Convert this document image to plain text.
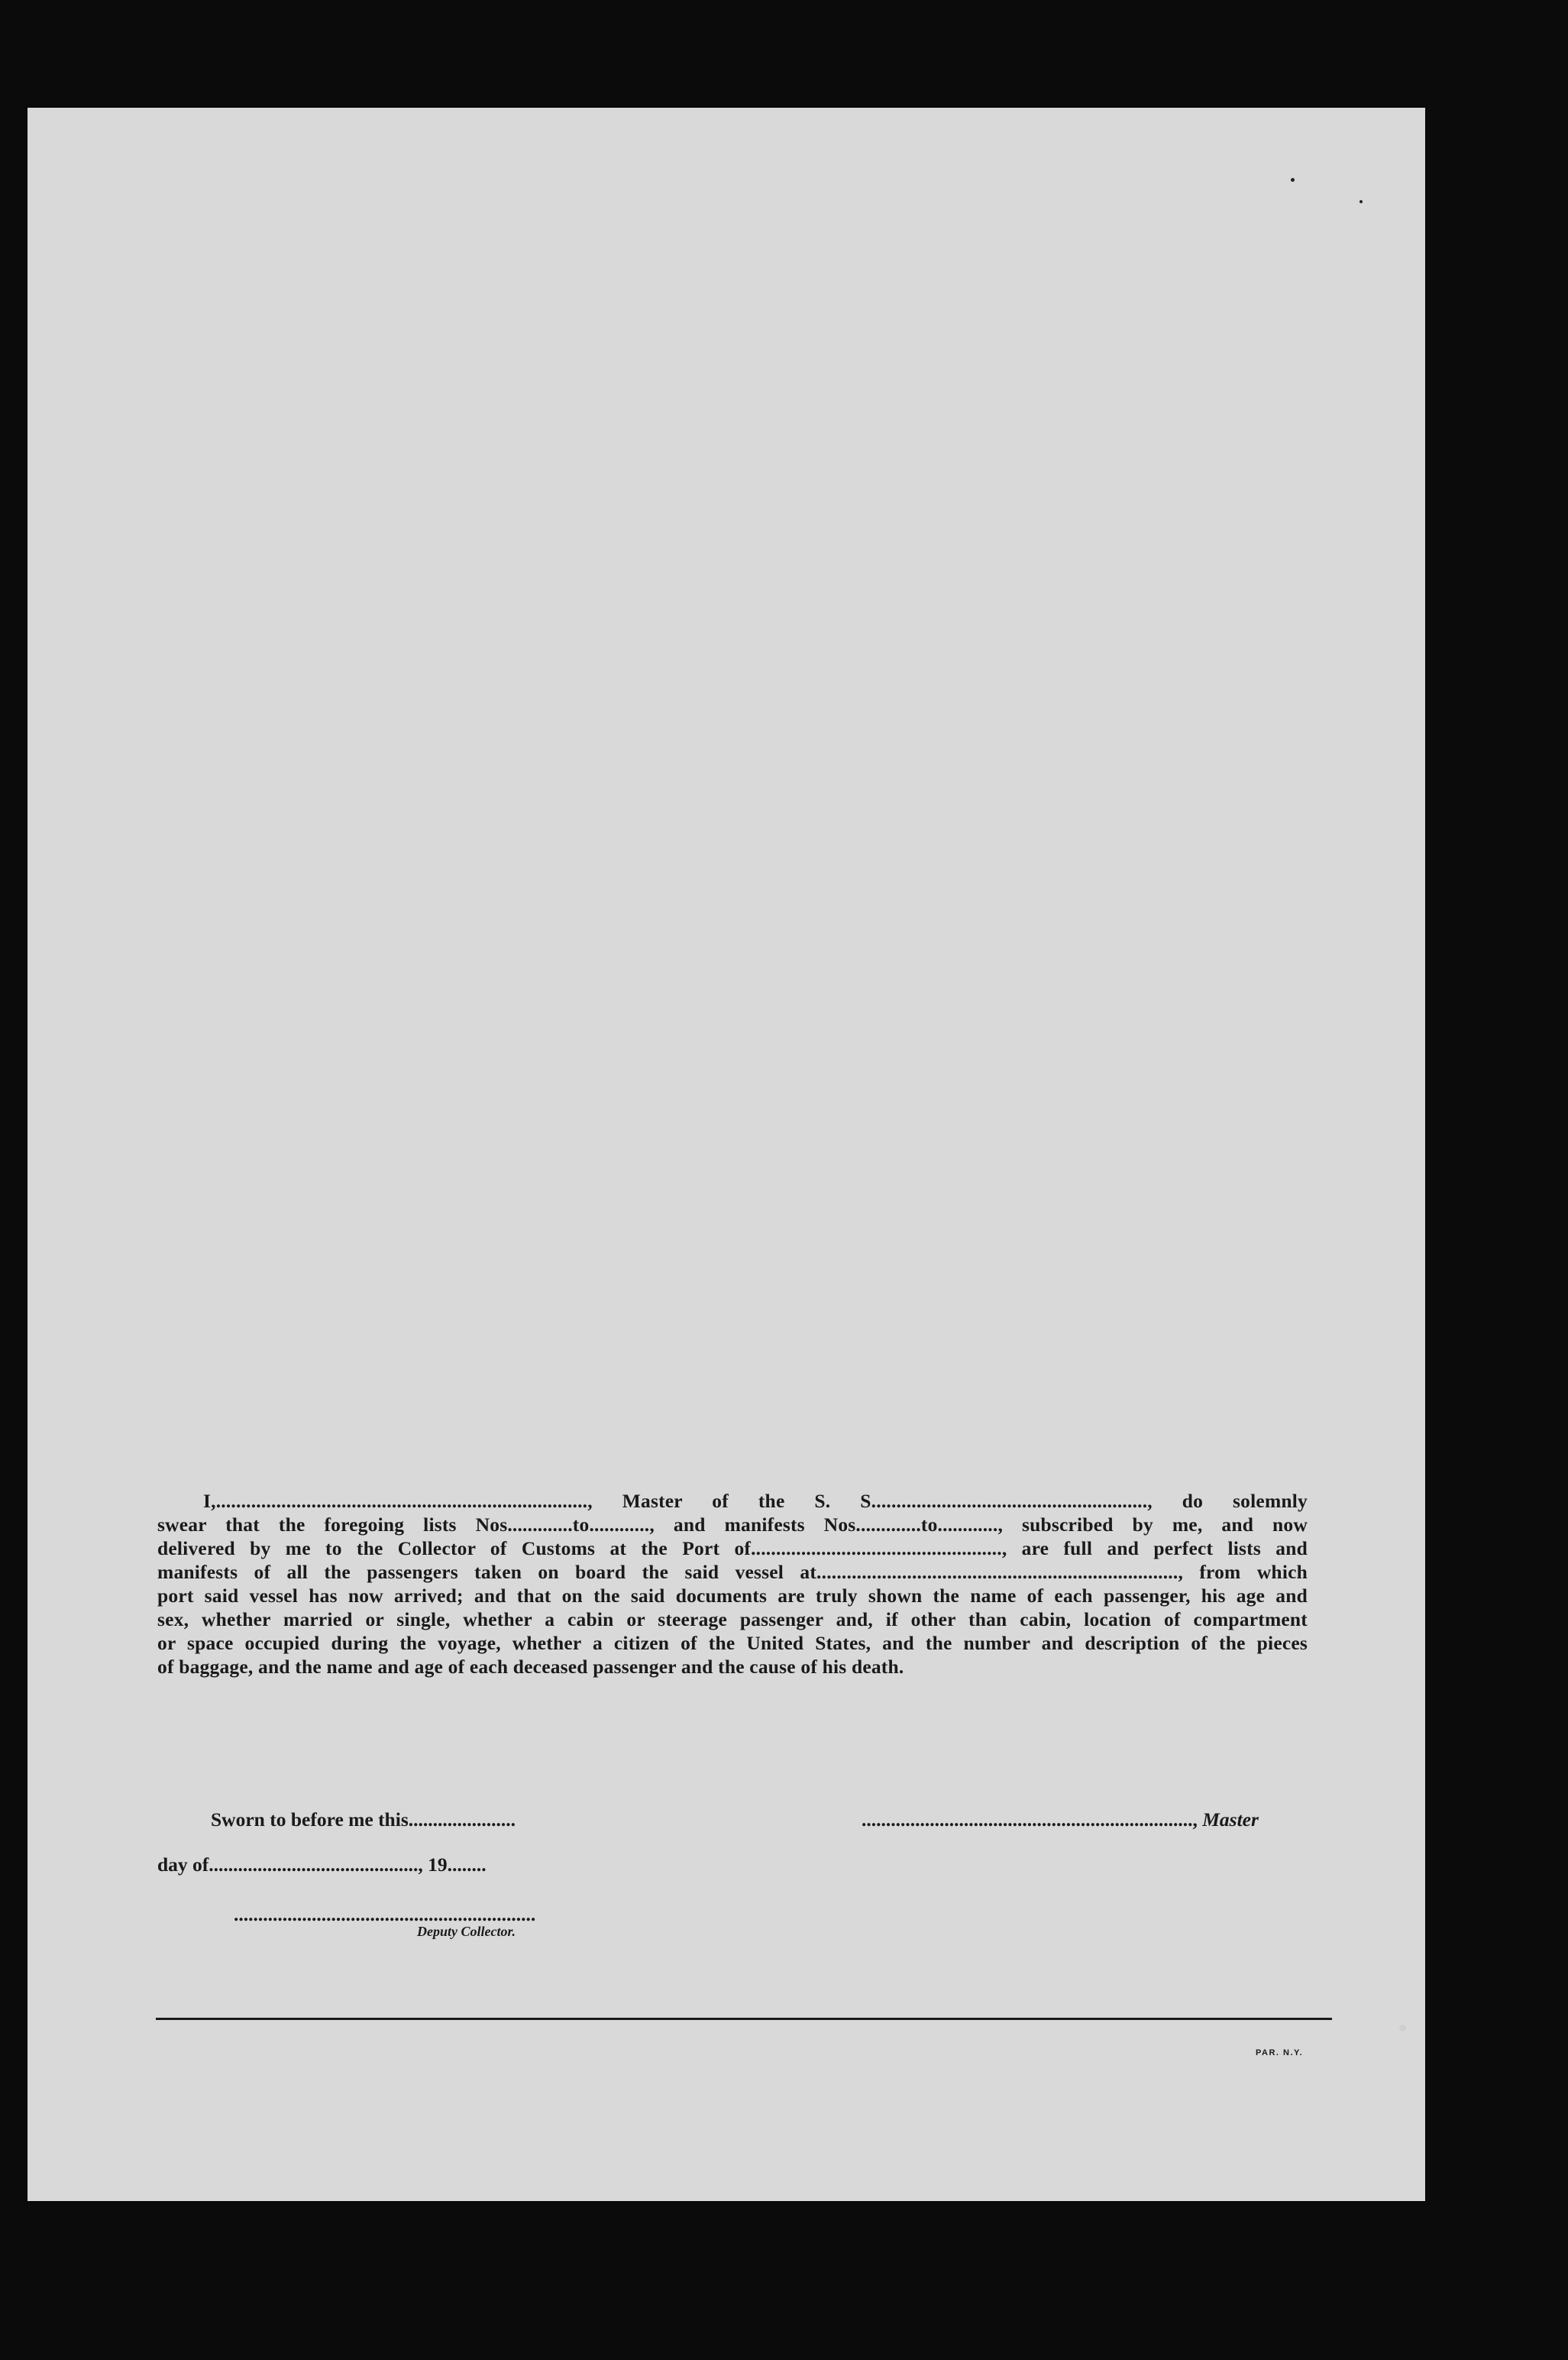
I,.........................................................................., Master of the S. S......................................................., do solemnly
swear that the foregoing lists Nos.............to............, and manifests Nos.............to............, subscribed by me, and now
delivered by me to the Collector of Customs at the Port of.................................................., are full and perfect lists and
manifests of all the passengers taken on board the said vessel at........................................................................, from which
port said vessel has now arrived; and that on the said documents are truly shown the name of each passenger, his age and
sex, whether married or single, whether a cabin or steerage passenger and, if other than cabin, location of compartment
or space occupied during the voyage, whether a citizen of the United States, and the number and description of the pieces
of baggage, and the name and age of each deceased passenger and the cause of his death.
Sworn to before me this......................	...................................................................., Master
day of..........................................., 19........
..............................................................
Deputy Collector.
PAR. N.Y.
